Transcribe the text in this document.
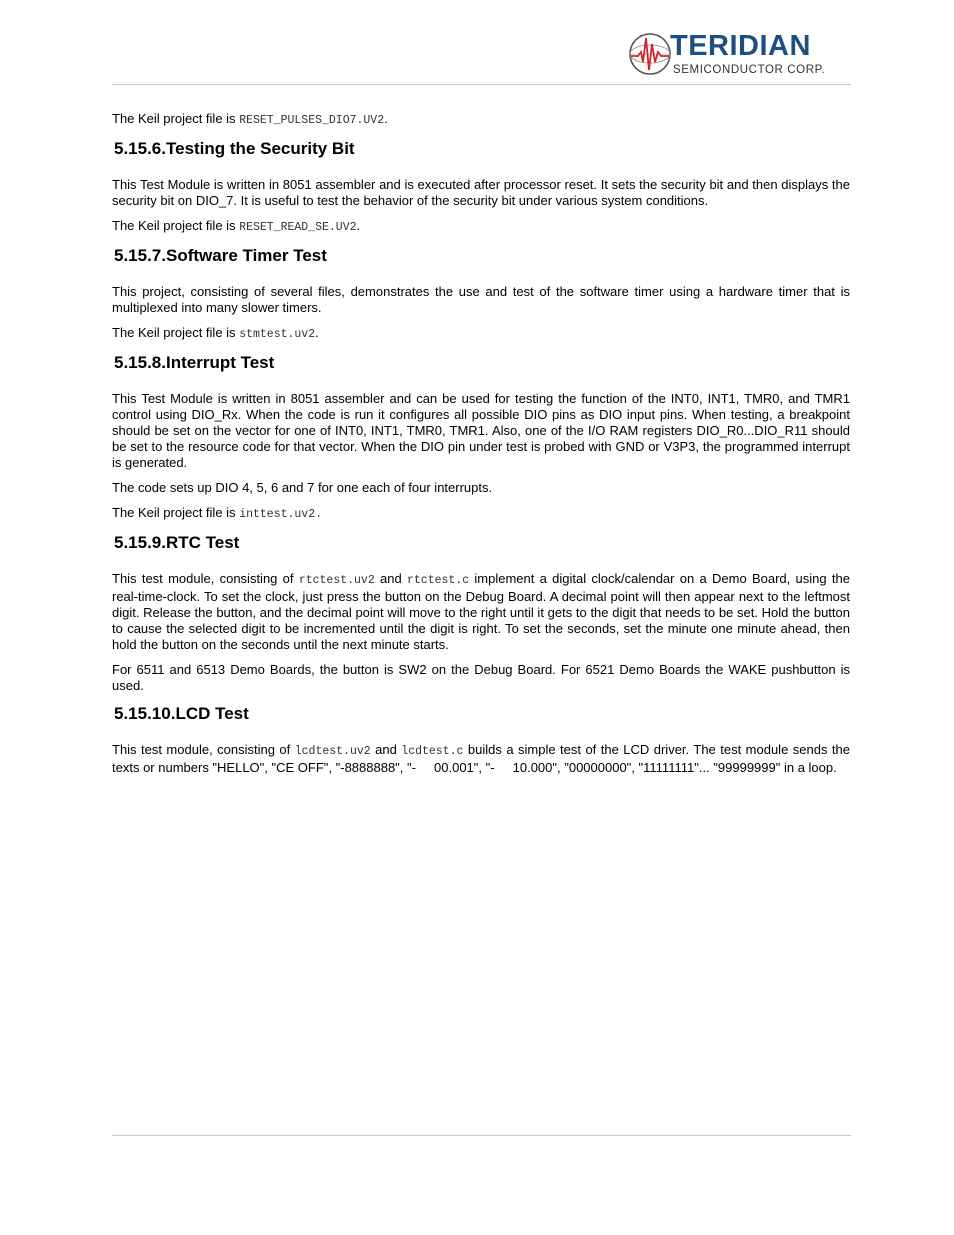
TERIDIAN
SEMICONDUCTOR CORP.

The Keil project file is RESET_PULSES_DIO7.UV2.

5.15.6.Testing the Security Bit

This Test Module is written in 8051 assembler and is executed after processor reset. It sets the security bit and then displays the security bit on DIO_7. It is useful to test the behavior of the security bit under various system conditions.

The Keil project file is RESET_READ_SE.UV2.

5.15.7.Software Timer Test

This project, consisting of several files, demonstrates the use and test of the software timer using a hardware timer that is multiplexed into many slower timers.

The Keil project file is stmtest.uv2.

5.15.8.Interrupt Test

This Test Module is written in 8051 assembler and can be used for testing the function of the INT0, INT1, TMR0, and TMR1 control using DIO_Rx. When the code is run it configures all possible DIO pins as DIO input pins. When testing, a breakpoint should be set on the vector for one of INT0, INT1, TMR0, TMR1. Also, one of the I/O RAM registers DIO_R0...DIO_R11 should be set to the resource code for that vector. When the DIO pin under test is probed with GND or V3P3, the programmed interrupt is generated.

The code sets up DIO 4, 5, 6 and 7 for one each of four interrupts.

The Keil project file is inttest.uv2.

5.15.9.RTC Test

This test module, consisting of rtctest.uv2 and rtctest.c implement a digital clock/calendar on a Demo Board, using the real-time-clock. To set the clock, just press the button on the Debug Board. A decimal point will then appear next to the leftmost digit. Release the button, and the decimal point will move to the right until it gets to the digit that needs to be set. Hold the button to cause the selected digit to be incremented until the digit is right. To set the seconds, set the minute one minute ahead, then hold the button on the seconds until the next minute starts.

For 6511 and 6513 Demo Boards, the button is SW2 on the Debug Board. For 6521 Demo Boards the WAKE pushbutton is used.

5.15.10.LCD Test

This test module, consisting of lcdtest.uv2 and lcdtest.c builds a simple test of the LCD driver. The test module sends the texts or numbers "HELLO", "CE OFF", "-8888888", "-     00.001", "-     10.000", "00000000", "11111111"... "99999999" in a loop.
